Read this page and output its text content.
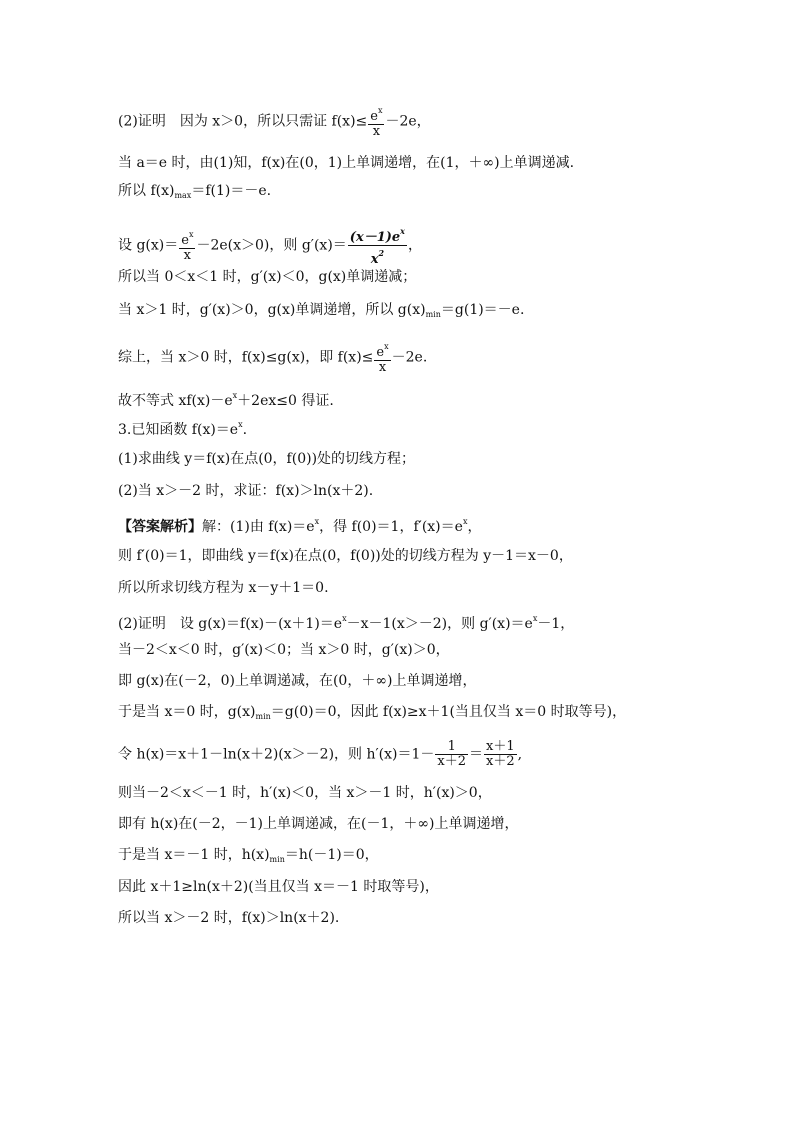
(2)证明　因为 x＞0，所以只需证 $f(x)\le \frac{e^x}{x} -2e$，
当 a＝e 时，由(1)知，f(x)在(0，1)上单调递增，在(1，＋∞)上单调递减.
所以 $f(x)_{max}=f(1)=-e$.
设 $g(x)= \frac{e^x}{x} -2e(x>0)$，则 $g'(x)= \frac{(x-1)e^x}{x^2}$ ，
所以当 0＜x＜1 时，g′(x)＜0，g(x)单调递减；
当 x＞1 时，g′(x)＞0，g(x)单调递增，所以 $g(x)_{min}=g(1)=-e$.
综上，当 x＞0 时，f(x)≤g(x)，即 $f(x)\le \frac{e^x}{x} -2e$.
故不等式 $xf(x)-e^x+2ex\le 0$ 得证.
3.已知函数 $f(x)=e^x$.
(1)求曲线 y＝f(x)在点(0，f(0))处的切线方程；
(2)当 x＞－2 时，求证：f(x)＞ln(x＋2).
【答案解析】解：(1)由 $f(x)=e^x$，得 f(0)＝1，$f'(x)=e^x$，
则 f′(0)＝1，即曲线 y＝f(x)在点(0，f(0))处的切线方程为 y－1＝x－0，
所以所求切线方程为 x－y＋1＝0.
(2)证明　设 $g(x)=f(x)-(x+1)=e^x-x-1(x>-2)$，则 $g'(x)=e^x-1$，
当－2＜x＜0 时，g′(x)＜0；当 x＞0 时，g′(x)＞0，
即 g(x)在(－2，0)上单调递减，在(0，＋∞)上单调递增，
于是当 x＝0 时，$g(x)_{min}=g(0)=0$，因此 f(x)≥x＋1(当且仅当 x＝0 时取等号)，
令 h(x)＝x＋1－ln(x＋2)(x＞－2)，则 $h'(x)=1- \frac{1}{x+2} = \frac{x+1}{x+2}$ ,
则当－2＜x＜－1 时，h′(x)＜0，当 x＞－1 时，h′(x)＞0，
即有 h(x)在(－2，－1)上单调递减，在(－1，＋∞)上单调递增，
于是当 x＝－1 时，$h(x)_{min}=h(-1)=0$，
因此 x＋1≥ln(x＋2)(当且仅当 x＝－1 时取等号)，
所以当 x＞－2 时，f(x)＞ln(x＋2).
